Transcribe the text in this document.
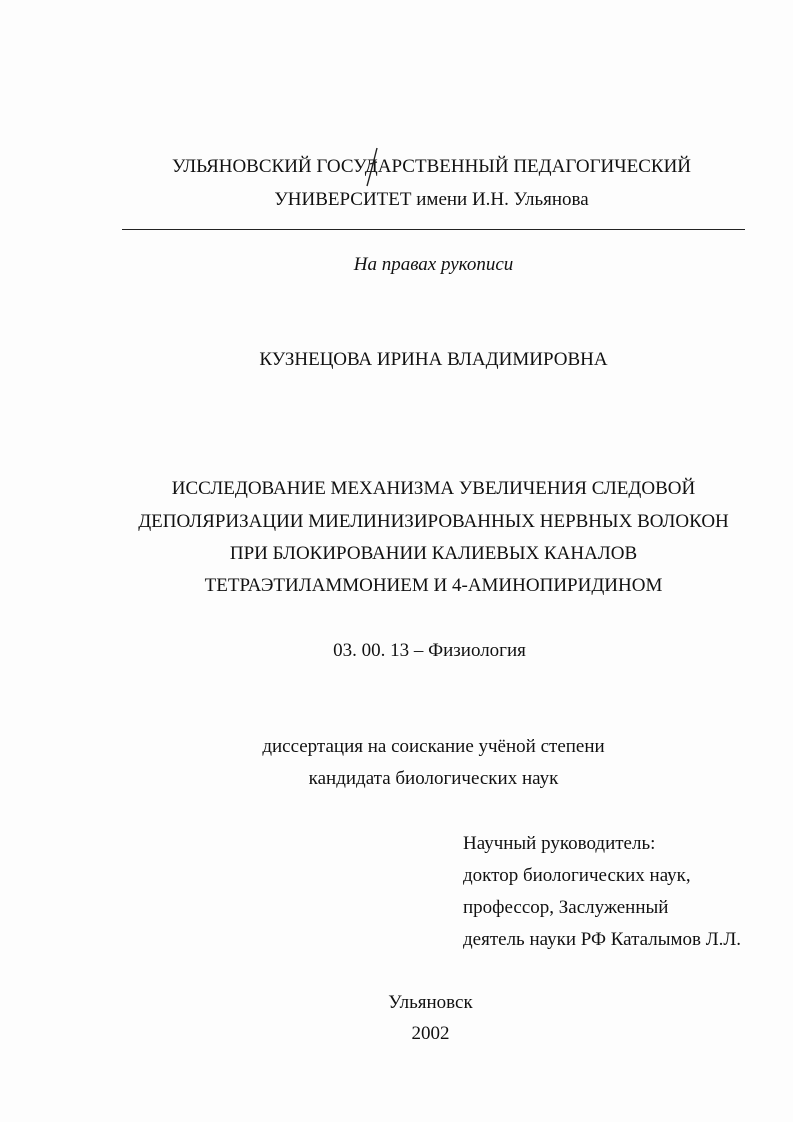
УЛЬЯНОВСКИЙ ГОСУДАРСТВЕННЫЙ ПЕДАГОГИЧЕСКИЙ
УНИВЕРСИТЕТ имени И.Н. Ульянова
На правах рукописи
КУЗНЕЦОВА ИРИНА ВЛАДИМИРОВНА
ИССЛЕДОВАНИЕ МЕХАНИЗМА УВЕЛИЧЕНИЯ СЛЕДОВОЙ
ДЕПОЛЯРИЗАЦИИ МИЕЛИНИЗИРОВАННЫХ НЕРВНЫХ ВОЛОКОН
ПРИ БЛОКИРОВАНИИ КАЛИЕВЫХ КАНАЛОВ
ТЕТРАЭТИЛАММОНИЕМ И 4-АМИНОПИРИДИНОМ
03. 00. 13 – Физиология
диссертация на соискание учёной степени
кандидата биологических наук
Научный руководитель:
доктор биологических наук,
профессор, Заслуженный
деятель науки РФ Каталымов Л.Л.
Ульяновск
2002
